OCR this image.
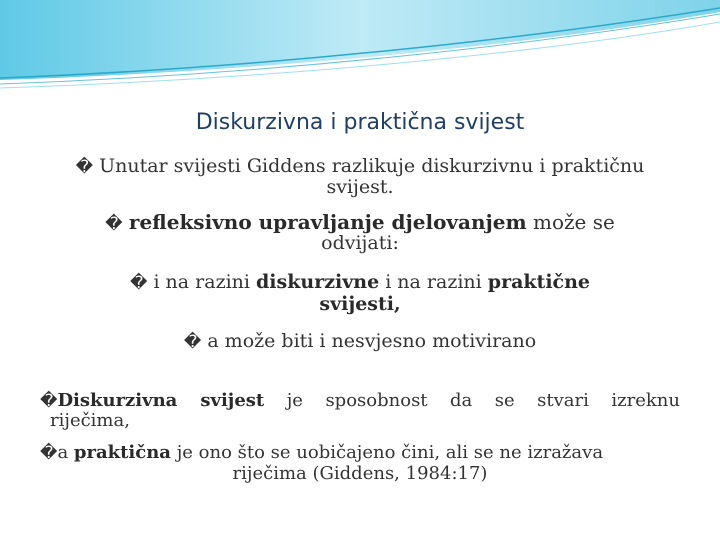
Diskurzivna i praktična svijest
� Unutar svijesti Giddens razlikuje diskurzivnu i praktičnu
svijest.
� refleksivno upravljanje djelovanjem može se
odvijati:
� i na razini diskurzivne i na razini praktične
svijesti,
� a može biti i nesvjesno motivirano
�Diskurzivna svijest je sposobnost da se stvari izreknu
riječima,
�a praktična je ono što se uobičajeno čini, ali se ne izražava
riječima (Giddens, 1984:17)
